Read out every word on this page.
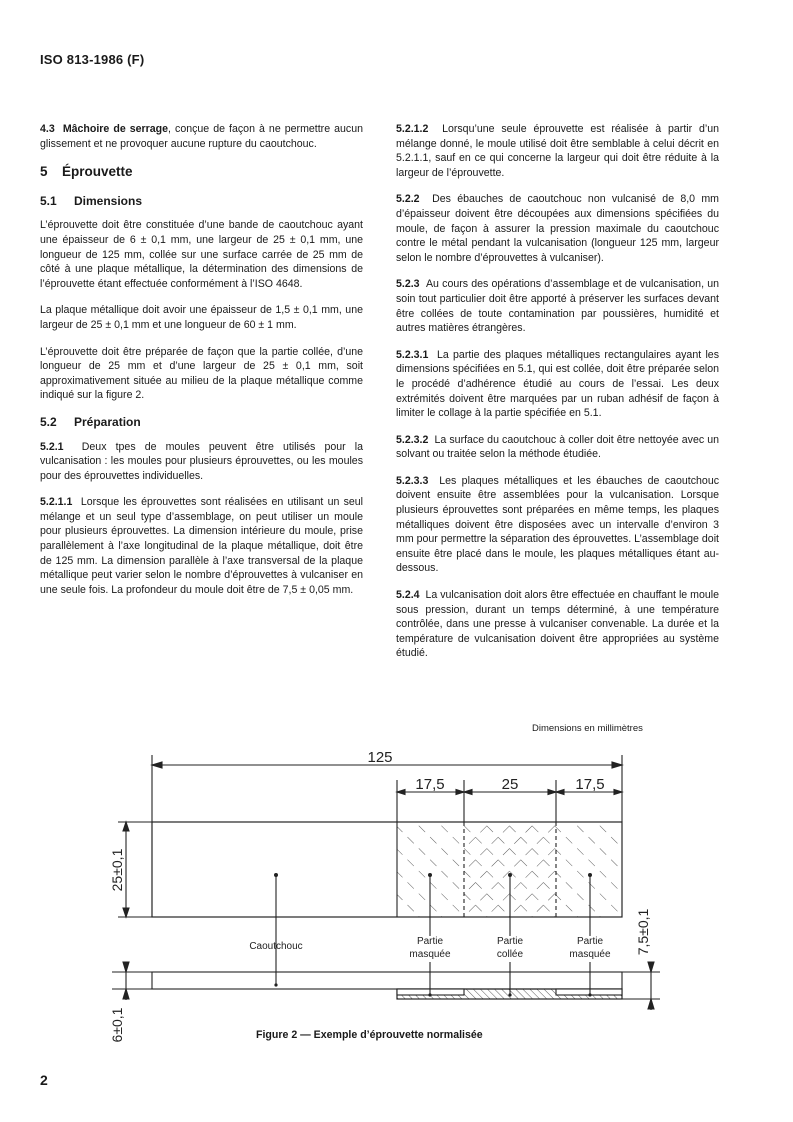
ISO 813-1986 (F)

4.3 Mâchoire de serrage, conçue de façon à ne permettre aucun glissement et ne provoquer aucune rupture du caoutchouc.

5 Éprouvette

5.1 Dimensions

L’éprouvette doit être constituée d’une bande de caoutchouc ayant une épaisseur de 6 ± 0,1 mm, une largeur de 25 ± 0,1 mm, une longueur de 125 mm, collée sur une surface carrée de 25 mm de côté à une plaque métallique, la détermination des dimensions de l’éprouvette étant effectuée conformément à l’ISO 4648.

La plaque métallique doit avoir une épaisseur de 1,5 ± 0,1 mm, une largeur de 25 ± 0,1 mm et une longueur de 60 ± 1 mm.

L’éprouvette doit être préparée de façon que la partie collée, d’une longueur de 25 mm et d’une largeur de 25 ± 0,1 mm, soit approximativement située au milieu de la plaque métallique comme indiqué sur la figure 2.

5.2 Préparation

5.2.1 Deux tpes de moules peuvent être utilisés pour la vulcanisation : les moules pour plusieurs éprouvettes, ou les moules pour des éprouvettes individuelles.

5.2.1.1 Lorsque les éprouvettes sont réalisées en utilisant un seul mélange et un seul type d’assemblage, on peut utiliser un moule pour plusieurs éprouvettes. La dimension intérieure du moule, prise parallèlement à l’axe longitudinal de la plaque métallique, doit être de 125 mm. La dimension parallèle à l’axe transversal de la plaque métallique peut varier selon le nombre d’éprouvettes à vulcaniser en une seule fois. La profondeur du moule doit être de 7,5 ± 0,05 mm.

5.2.1.2 Lorsqu’une seule éprouvette est réalisée à partir d’un mélange donné, le moule utilisé doit être semblable à celui décrit en 5.2.1.1, sauf en ce qui concerne la largeur qui doit être réduite à la largeur de l’éprouvette.

5.2.2 Des ébauches de caoutchouc non vulcanisé de 8,0 mm d’épaisseur doivent être découpées aux dimensions spécifiées du moule, de façon à assurer la pression maximale du caoutchouc contre le métal pendant la vulcanisation (longueur 125 mm, largeur selon le nombre d’éprouvettes à vulcaniser).

5.2.3 Au cours des opérations d’assemblage et de vulcanisation, un soin tout particulier doit être apporté à préserver les surfaces devant être collées de toute contamination par poussières, humidité et autres matières étrangères.

5.2.3.1 La partie des plaques métalliques rectangulaires ayant les dimensions spécifiées en 5.1, qui est collée, doit être préparée selon le procédé d’adhérence étudié au cours de l’essai. Les deux extrémités doivent être marquées par un ruban adhésif de façon à limiter le collage à la partie spécifiée en 5.1.

5.2.3.2 La surface du caoutchouc à coller doit être nettoyée avec un solvant ou traitée selon la méthode étudiée.

5.2.3.3 Les plaques métalliques et les ébauches de caoutchouc doivent ensuite être assemblées pour la vulcanisation. Lorsque plusieurs éprouvettes sont préparées en même temps, les plaques métalliques doivent être disposées avec un intervalle d’environ 3 mm pour permettre la séparation des éprouvettes. L’assemblage doit ensuite être placé dans le moule, les plaques métalliques étant au-dessous.

5.2.4 La vulcanisation doit alors être effectuée en chauffant le moule sous pression, durant un temps déterminé, à une température contrôlée, dans une presse à vulcaniser convenable. La durée et la température de vulcanisation doivent être appropriées au système étudié.

Dimensions en millimètres
125
17,5	25	17,5
25±0,1
7,5±0,1
6±0,1
Caoutchouc	Partie
masquée
Partie
collée
Partie
masquée
Figure 2 — Exemple d’éprouvette normalisée
2
